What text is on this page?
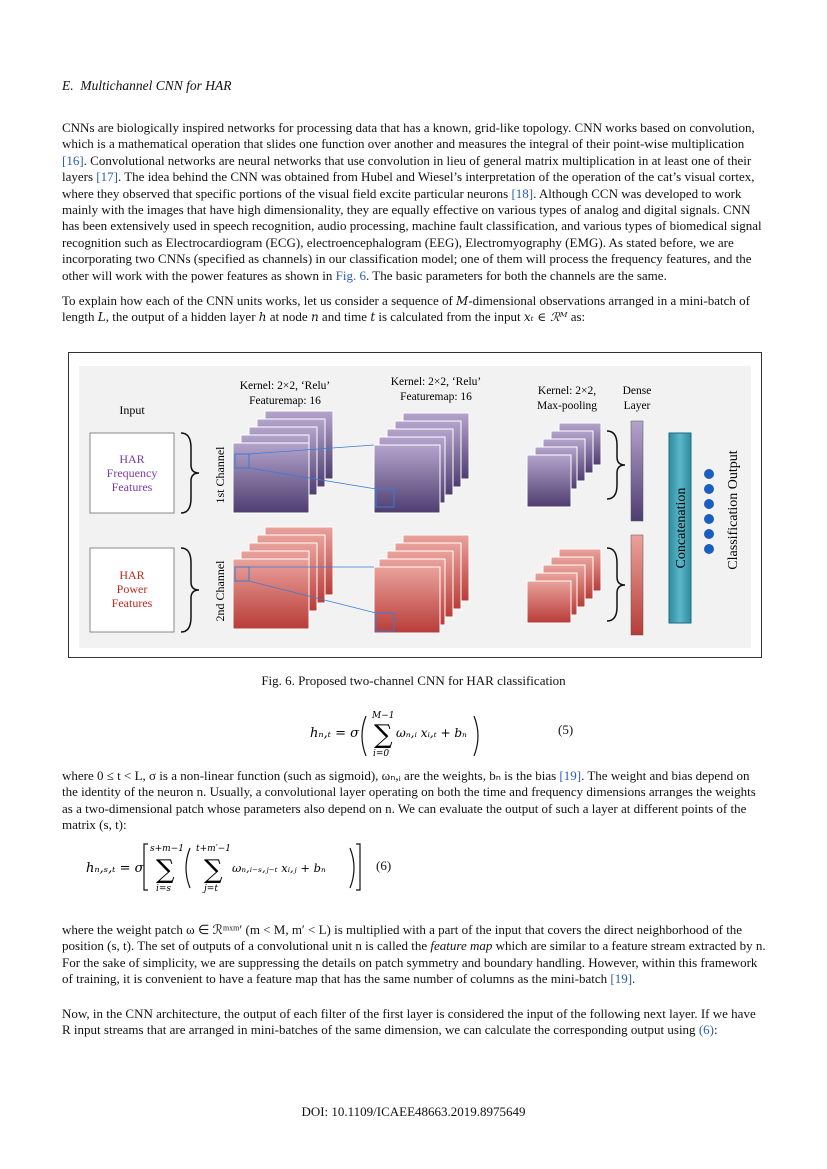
E.  Multichannel CNN for HAR

CNNs are biologically inspired networks for processing data that has a known, grid-like topology. CNN works based on convolution, which is a mathematical operation that slides one function over another and measures the integral of their point-wise multiplication [16]. Convolutional networks are neural networks that use convolution in lieu of general matrix multiplication in at least one of their layers [17]. The idea behind the CNN was obtained from Hubel and Wiesel’s interpretation of the operation of the cat’s visual cortex, where they observed that specific portions of the visual field excite particular neurons [18]. Although CCN was developed to work mainly with the images that have high dimensionality, they are equally effective on various types of analog and digital signals. CNN has been extensively used in speech recognition, audio processing, machine fault classification, and various types of biomedical signal recognition such as Electrocardiogram (ECG), electroencephalogram (EEG), Electromyography (EMG). As stated before, we are incorporating two CNNs (specified as channels) in our classification model; one of them will process the frequency features, and the other will work with the power features as shown in Fig. 6. The basic parameters for both the channels are the same.

To explain how each of the CNN units works, let us consider a sequence of M-dimensional observations arranged in a mini-batch of length L, the output of a hidden layer h at node n and time t is calculated from the input xₜ ∈ ℛᴹ as:

Input
HAR
Frequency
Features
HAR
Power
Features
1st Channel
2nd Channel
Kernel: 2×2, ‘Relu’
Featuremap: 16
Kernel: 2×2, ‘Relu’
Featuremap: 16	Kernel: 2×2,
Max-pooling
Dense
Layer
Concatenation	Classification Output
Fig. 6. Proposed two-channel CNN for HAR classification
hₙ,ₜ = σ
M−1
∑
i=0
ωₙ,ᵢ xᵢ,ₜ + bₙ	(5)

where 0 ≤ t < L, σ is a non-linear function (such as sigmoid), ωₙ,ᵢ are the weights, bₙ is the bias [19]. The weight and bias depend on the identity of the neuron n. Usually, a convolutional layer operating on both the time and frequency dimensions arranges the weights as a two-dimensional patch whose parameters also depend on n. We can evaluate the output of such a layer at different points of the matrix (s, t):

hₙ,ₛ,ₜ = σ
s+m−1
∑
i=s
t+m′−1
∑
j=t
ωₙ,ᵢ₋ₛ,ⱼ₋ₜ xᵢ,ⱼ + bₙ	(6)

where the weight patch ω ∈ ℛᵐˣᵐ′ (m < M, m′ < L) is multiplied with a part of the input that covers the direct neighborhood of the position (s, t). The set of outputs of a convolutional unit n is called the feature map which are similar to a feature stream extracted by n. For the sake of simplicity, we are suppressing the details on patch symmetry and boundary handling. However, within this framework of training, it is convenient to have a feature map that has the same number of columns as the mini-batch [19].

Now, in the CNN architecture, the output of each filter of the first layer is considered the input of the following next layer. If we have R input streams that are arranged in mini-batches of the same dimension, we can calculate the corresponding output using (6):

DOI: 10.1109/ICAEE48663.2019.8975649
